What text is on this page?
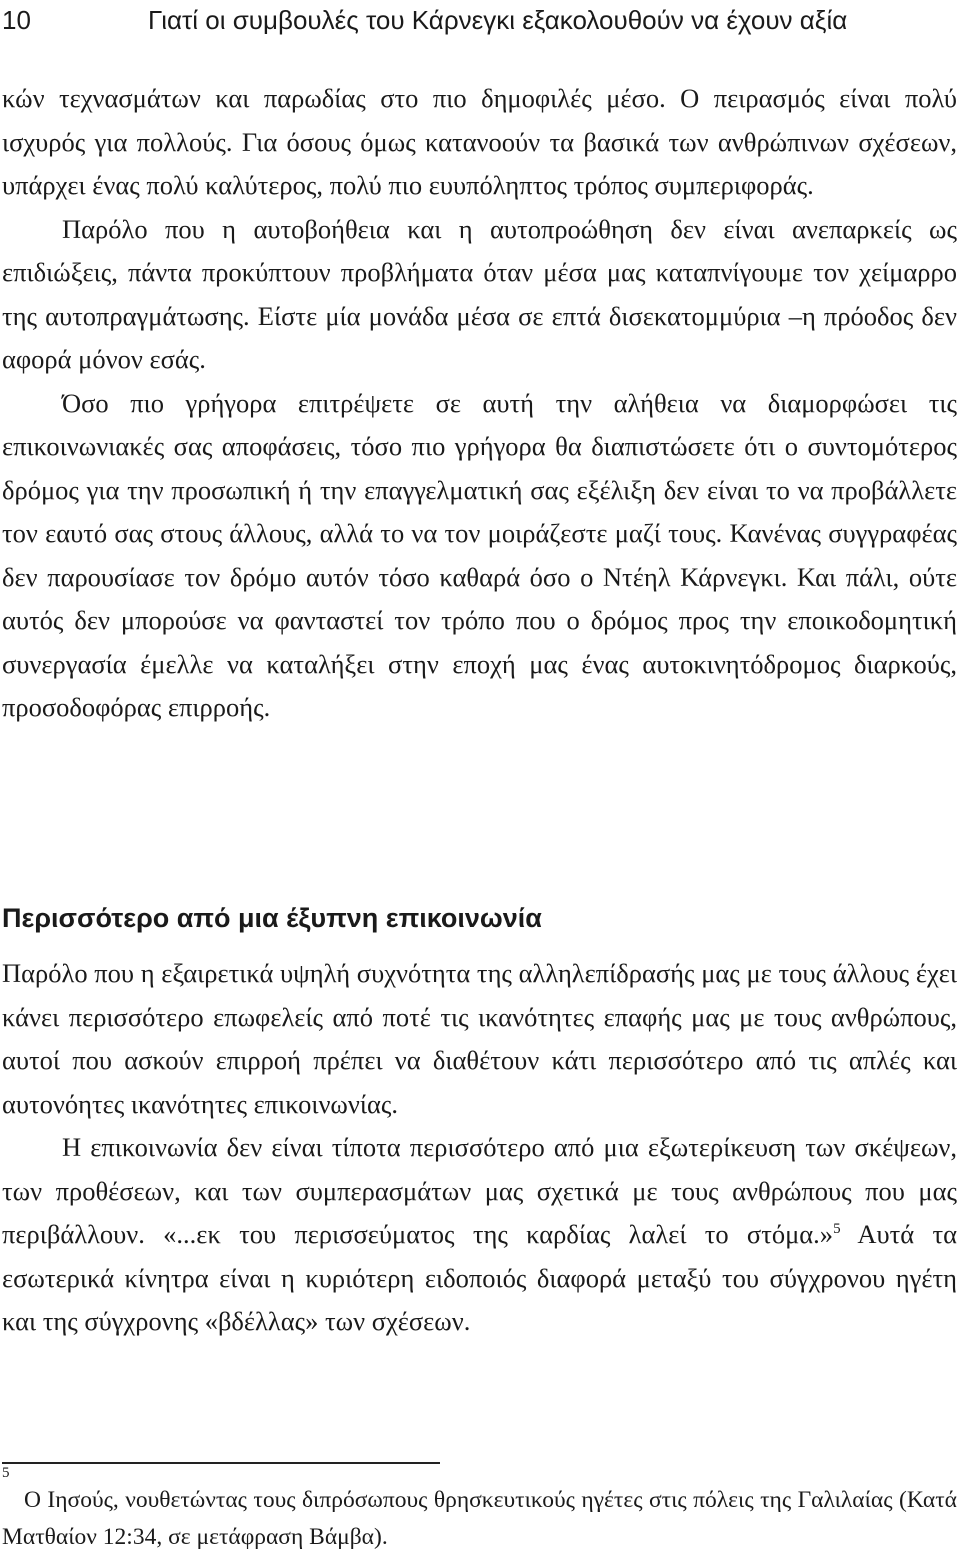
10	Γιατί οι συμβουλές του Κάρνεγκι εξακολουθούν να έχουν αξία

κών τεχνασμάτων και παρωδίας στο πιο δημοφιλές μέσο. Ο πειρασμός είναι πολύ ισχυρός για πολλούς. Για όσους όμως κατανοούν τα βασικά των ανθρώπινων σχέσεων, υπάρχει ένας πολύ καλύτερος, πολύ πιο ευυπόληπτος τρόπος συμπεριφοράς.

Παρόλο που η αυτοβοήθεια και η αυτοπροώθηση δεν είναι ανεπαρκείς ως επιδιώξεις, πάντα προκύπτουν προβλήματα όταν μέσα μας καταπνίγουμε τον χείμαρρο της αυτοπραγμάτωσης. Είστε μία μονάδα μέσα σε επτά δισεκατομμύρια –η πρόοδος δεν αφορά μόνον εσάς.

Όσο πιο γρήγορα επιτρέψετε σε αυτή την αλήθεια να διαμορφώσει τις επικοινωνιακές σας αποφάσεις, τόσο πιο γρήγορα θα διαπιστώσετε ότι ο συντομότερος δρόμος για την προσωπική ή την επαγγελματική σας εξέλιξη δεν είναι το να προβάλλετε τον εαυτό σας στους άλλους, αλλά το να τον μοιράζεστε μαζί τους. Κανένας συγγραφέας δεν παρουσίασε τον δρόμο αυτόν τόσο καθαρά όσο ο Ντέηλ Κάρνεγκι. Και πάλι, ούτε αυτός δεν μπορούσε να φανταστεί τον τρόπο που ο δρόμος προς την εποικοδομητική συνεργασία έμελλε να καταλήξει στην εποχή μας ένας αυτοκινητόδρομος διαρκούς, προσοδοφόρας επιρροής.

Περισσότερο από μια έξυπνη επικοινωνία

Παρόλο που η εξαιρετικά υψηλή συχνότητα της αλληλεπίδρασής μας με τους άλλους έχει κάνει περισσότερο επωφελείς από ποτέ τις ικανότητες επαφής μας με τους ανθρώπους, αυτοί που ασκούν επιρροή πρέπει να διαθέτουν κάτι περισσότερο από τις απλές και αυτονόητες ικανότητες επικοινωνίας.

Η επικοινωνία δεν είναι τίποτα περισσότερο από μια εξωτερίκευση των σκέψεων, των προθέσεων, και των συμπερασμάτων μας σχετικά με τους ανθρώπους που μας περιβάλλουν. «...εκ του περισσεύματος της καρδίας λαλεί το στόμα.»$^5$ Αυτά τα εσωτερικά κίνητρα είναι η κυριότερη ειδοποιός διαφορά μεταξύ του σύγχρονου ηγέτη και της σύγχρονης «βδέλλας» των σχέσεων.

5

Ο Ιησούς, νουθετώντας τους διπρόσωπους θρησκευτικούς ηγέτες στις πόλεις της Γαλιλαίας (Κατά Ματθαίον 12:34, σε μετάφραση Βάμβα).
